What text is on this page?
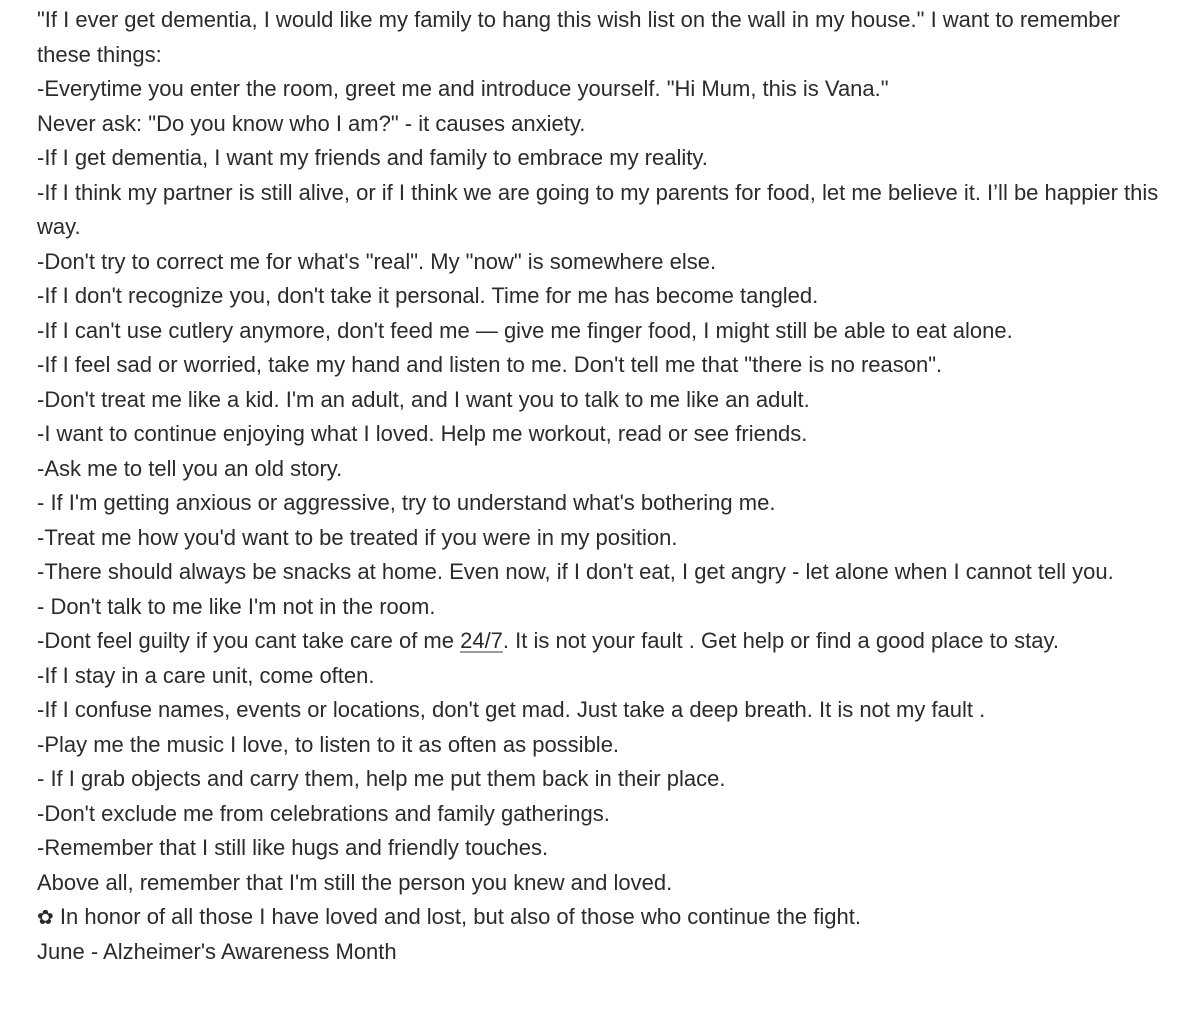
"If I ever get dementia, I would like my family to hang this wish list on the wall in my house." I want to remember these things:

-Everytime you enter the room, greet me and introduce yourself. "Hi Mum, this is Vana."

Never ask: "Do you know who I am?" - it causes anxiety.

-If I get dementia, I want my friends and family to embrace my reality.

-If I think my partner is still alive, or if I think we are going to my parents for food, let me believe it. I’ll be happier this way.

-Don't try to correct me for what's "real". My "now" is somewhere else.

-If I don't recognize you, don't take it personal. Time for me has become tangled.

-If I can't use cutlery anymore, don't feed me — give me finger food, I might still be able to eat alone.

-If I feel sad or worried, take my hand and listen to me. Don't tell me that "there is no reason".

-Don't treat me like a kid. I'm an adult, and I want you to talk to me like an adult.

-I want to continue enjoying what I loved. Help me workout, read or see friends.

-Ask me to tell you an old story.

- If I'm getting anxious or aggressive, try to understand what's bothering me.

-Treat me how you'd want to be treated if you were in my position.

-There should always be snacks at home. Even now, if I don't eat, I get angry - let alone when I cannot tell you.

- Don't talk to me like I'm not in the room.

-Dont feel guilty if you cant take care of me 24/7. It is not your fault . Get help or find a good place to stay.

-If I stay in a care unit, come often.

-If I confuse names, events or locations, don't get mad. Just take a deep breath. It is not my fault .

-Play me the music I love, to listen to it as often as possible.

- If I grab objects and carry them, help me put them back in their place.

-Don't exclude me from celebrations and family gatherings.

-Remember that I still like hugs and friendly touches.

Above all, remember that I'm still the person you knew and loved.

✿ In honor of all those I have loved and lost, but also of those who continue the fight.

June - Alzheimer's Awareness Month
